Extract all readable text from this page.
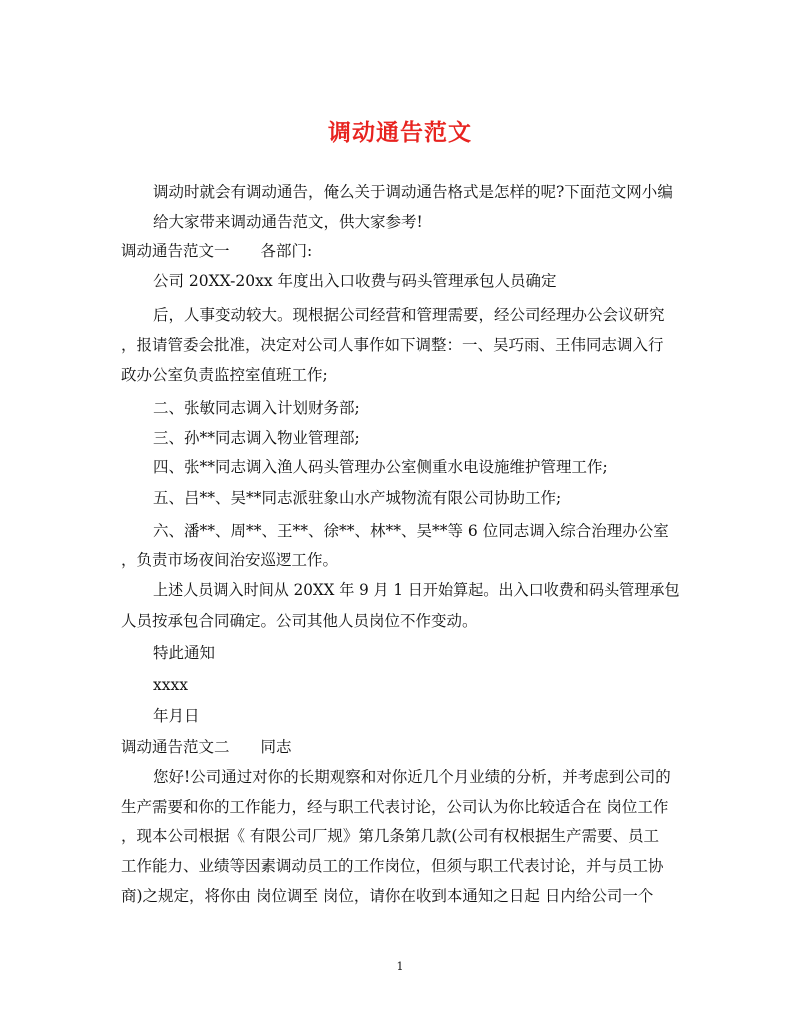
调动通告范文
调动时就会有调动通告，俺么关于调动通告格式是怎样的呢?下面范文网小编
给大家带来调动通告范文，供大家参考!
调动通告范文一　　各部门:
公司 20XX-20xx 年度出入口收费与码头管理承包人员确定
后，人事变动较大。现根据公司经营和管理需要，经公司经理办公会议研究
，报请管委会批准，决定对公司人事作如下调整：一、吴巧雨、王伟同志调入行
政办公室负责监控室值班工作;
二、张敏同志调入计划财务部;
三、孙**同志调入物业管理部;
四、张**同志调入渔人码头管理办公室侧重水电设施维护管理工作;
五、吕**、吴**同志派驻象山水产城物流有限公司协助工作;
六、潘**、周**、王**、徐**、林**、吴**等 6 位同志调入综合治理办公室
，负责市场夜间治安巡逻工作。
上述人员调入时间从 20XX 年 9 月 1 日开始算起。出入口收费和码头管理承包
人员按承包合同确定。公司其他人员岗位不作变动。
特此通知
xxxx
年月日
调动通告范文二　　同志
您好!公司通过对你的长期观察和对你近几个月业绩的分析，并考虑到公司的
生产需要和你的工作能力，经与职工代表讨论，公司认为你比较适合在 岗位工作
，现本公司根据《 有限公司厂规》第几条第几款(公司有权根据生产需要、员工
工作能力、业绩等因素调动员工的工作岗位，但须与职工代表讨论，并与员工协
商)之规定，将你由 岗位调至 岗位，请你在收到本通知之日起 日内给公司一个
1
